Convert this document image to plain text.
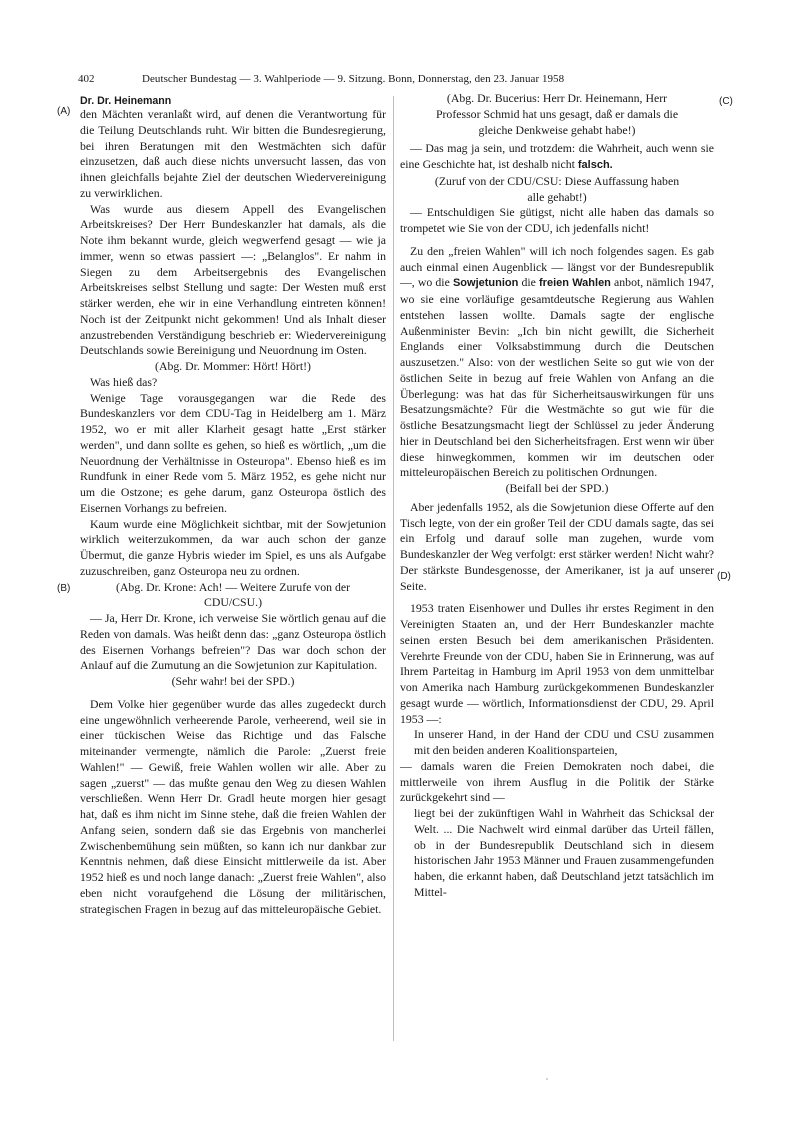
402	Deutscher Bundestag — 3. Wahlperiode — 9. Sitzung. Bonn, Donnerstag, den 23. Januar 1958
Dr. Dr. Heinemann
(A)
(B)
(C)
(D)

den Mächten veranlaßt wird, auf denen die Verantwortung für die Teilung Deutschlands ruht. Wir bitten die Bundesregierung, bei ihren Beratungen mit den Westmächten sich dafür einzusetzen, daß auch diese nichts unversucht lassen, das von ihnen gleichfalls bejahte Ziel der deutschen Wiedervereinigung zu verwirklichen.

Was wurde aus diesem Appell des Evangelischen Arbeitskreises? Der Herr Bundeskanzler hat damals, als die Note ihm bekannt wurde, gleich wegwerfend gesagt — wie ja immer, wenn so etwas passiert —: „Belanglos". Er nahm in Siegen zu dem Arbeitsergebnis des Evangelischen Arbeitskreises selbst Stellung und sagte: Der Westen muß erst stärker werden, ehe wir in eine Verhandlung eintreten können! Noch ist der Zeitpunkt nicht gekommen! Und als Inhalt dieser anzustrebenden Verständigung beschrieb er: Wiedervereinigung Deutschlands sowie Bereinigung und Neuordnung im Osten.

(Abg. Dr. Mommer: Hört! Hört!)

Was hieß das?

Wenige Tage vorausgegangen war die Rede des Bundeskanzlers vor dem CDU-Tag in Heidelberg am 1. März 1952, wo er mit aller Klarheit gesagt hatte „Erst stärker werden", und dann sollte es gehen, so hieß es wörtlich, „um die Neuordnung der Verhältnisse in Osteuropa". Ebenso hieß es im Rundfunk in einer Rede vom 5. März 1952, es gehe nicht nur um die Ostzone; es gehe darum, ganz Osteuropa östlich des Eisernen Vorhangs zu befreien.

Kaum wurde eine Möglichkeit sichtbar, mit der Sowjetunion wirklich weiterzukommen, da war auch schon der ganze Übermut, die ganze Hybris wieder im Spiel, es uns als Aufgabe zuzuschreiben, ganz Osteuropa neu zu ordnen.

(Abg. Dr. Krone: Ach! — Weitere Zurufe von der CDU/CSU.)

— Ja, Herr Dr. Krone, ich verweise Sie wörtlich genau auf die Reden von damals. Was heißt denn das: „ganz Osteuropa östlich des Eisernen Vorhangs befreien"? Das war doch schon der Anlauf auf die Zumutung an die Sowjetunion zur Kapitulation.

(Sehr wahr! bei der SPD.)

Dem Volke hier gegenüber wurde das alles zugedeckt durch eine ungewöhnlich verheerende Parole, verheerend, weil sie in einer tückischen Weise das Richtige und das Falsche miteinander vermengte, nämlich die Parole: „Zuerst freie Wahlen!" — Gewiß, freie Wahlen wollen wir alle. Aber zu sagen „zuerst" — das mußte genau den Weg zu diesen Wahlen verschließen. Wenn Herr Dr. Gradl heute morgen hier gesagt hat, daß es ihm nicht im Sinne stehe, daß die freien Wahlen der Anfang seien, sondern daß sie das Ergebnis von mancherlei Zwischenbemühung sein müßten, so kann ich nur dankbar zur Kenntnis nehmen, daß diese Einsicht mittlerweile da ist. Aber 1952 hieß es und noch lange danach: „Zuerst freie Wahlen", also eben nicht voraufgehend die Lösung der militärischen, strategischen Fragen in bezug auf das mitteleuropäische Gebiet.

(Abg. Dr. Bucerius: Herr Dr. Heinemann, Herr Professor Schmid hat uns gesagt, daß er damals die gleiche Denkweise gehabt habe!)

— Das mag ja sein, und trotzdem: die Wahrheit, auch wenn sie eine Geschichte hat, ist deshalb nicht falsch.

(Zuruf von der CDU/CSU: Diese Auffassung haben alle gehabt!)

— Entschuldigen Sie gütigst, nicht alle haben das damals so trompetet wie Sie von der CDU, ich jedenfalls nicht!

Zu den „freien Wahlen" will ich noch folgendes sagen. Es gab auch einmal einen Augenblick — längst vor der Bundesrepublik —, wo die Sowjetunion die freien Wahlen anbot, nämlich 1947, wo sie eine vorläufige gesamtdeutsche Regierung aus Wahlen entstehen lassen wollte. Damals sagte der englische Außenminister Bevin: „Ich bin nicht gewillt, die Sicherheit Englands einer Volksabstimmung durch die Deutschen auszusetzen." Also: von der westlichen Seite so gut wie von der östlichen Seite in bezug auf freie Wahlen von Anfang an die Überlegung: was hat das für Sicherheitsauswirkungen für uns Besatzungsmächte? Für die Westmächte so gut wie für die östliche Besatzungsmacht liegt der Schlüssel zu jeder Änderung hier in Deutschland bei den Sicherheitsfragen. Erst wenn wir über diese hinwegkommen, kommen wir im deutschen oder mitteleuropäischen Bereich zu politischen Ordnungen.

(Beifall bei der SPD.)

Aber jedenfalls 1952, als die Sowjetunion diese Offerte auf den Tisch legte, von der ein großer Teil der CDU damals sagte, das sei ein Erfolg und darauf solle man zugehen, wurde vom Bundeskanzler der Weg verfolgt: erst stärker werden! Nicht wahr? Der stärkste Bundesgenosse, der Amerikaner, ist ja auf unserer Seite.

1953 traten Eisenhower und Dulles ihr erstes Regiment in den Vereinigten Staaten an, und der Herr Bundeskanzler machte seinen ersten Besuch bei dem amerikanischen Präsidenten. Verehrte Freunde von der CDU, haben Sie in Erinnerung, was auf Ihrem Parteitag in Hamburg im April 1953 von dem unmittelbar von Amerika nach Hamburg zurückgekommenen Bundeskanzler gesagt wurde — wörtlich, Informationsdienst der CDU, 29. April 1953 —:

In unserer Hand, in der Hand der CDU und CSU zusammen mit den beiden anderen Koalitionsparteien,

— damals waren die Freien Demokraten noch dabei, die mittlerweile von ihrem Ausflug in die Politik der Stärke zurückgekehrt sind —

liegt bei der zukünftigen Wahl in Wahrheit das Schicksal der Welt. ... Die Nachwelt wird einmal darüber das Urteil fällen, ob in der Bundesrepublik Deutschland sich in diesem historischen Jahr 1953 Männer und Frauen zusammengefunden haben, die erkannt haben, daß Deutschland jetzt tatsächlich im Mittel-
